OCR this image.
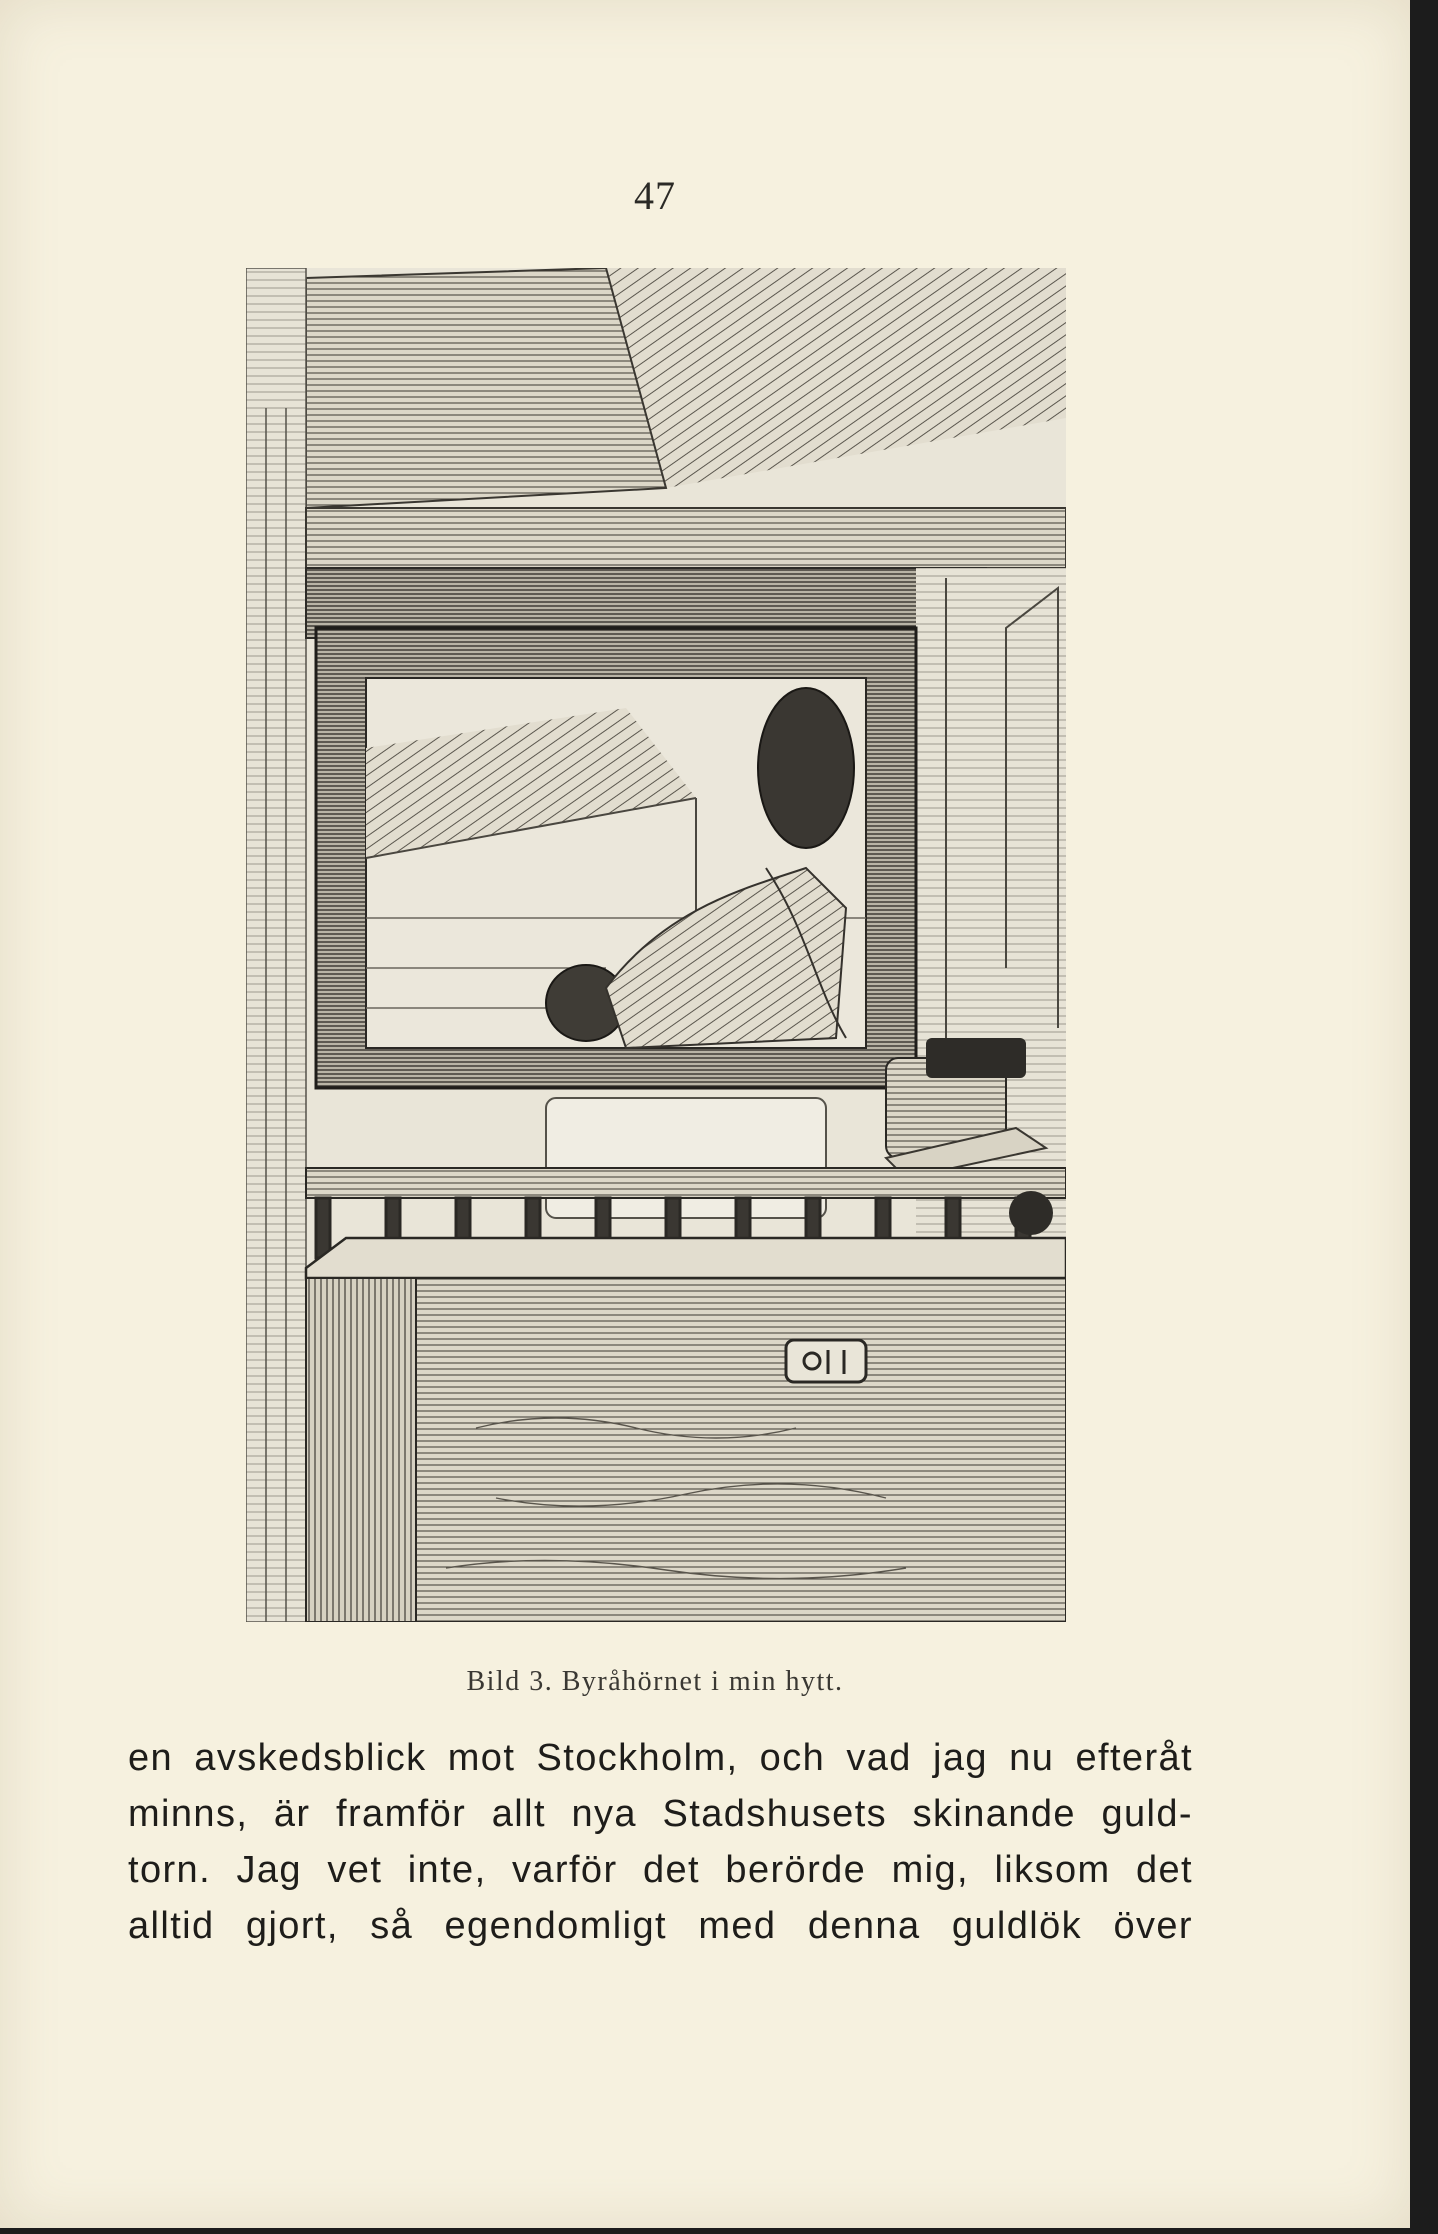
47
Bild 3. Byråhörnet i min hytt.
en avskedsblick mot Stockholm, och vad jag nu efteråt
minns, är framför allt nya Stadshusets skinande guld-
torn. Jag vet inte, varför det berörde mig, liksom det
alltid gjort, så egendomligt med denna guldlök över
